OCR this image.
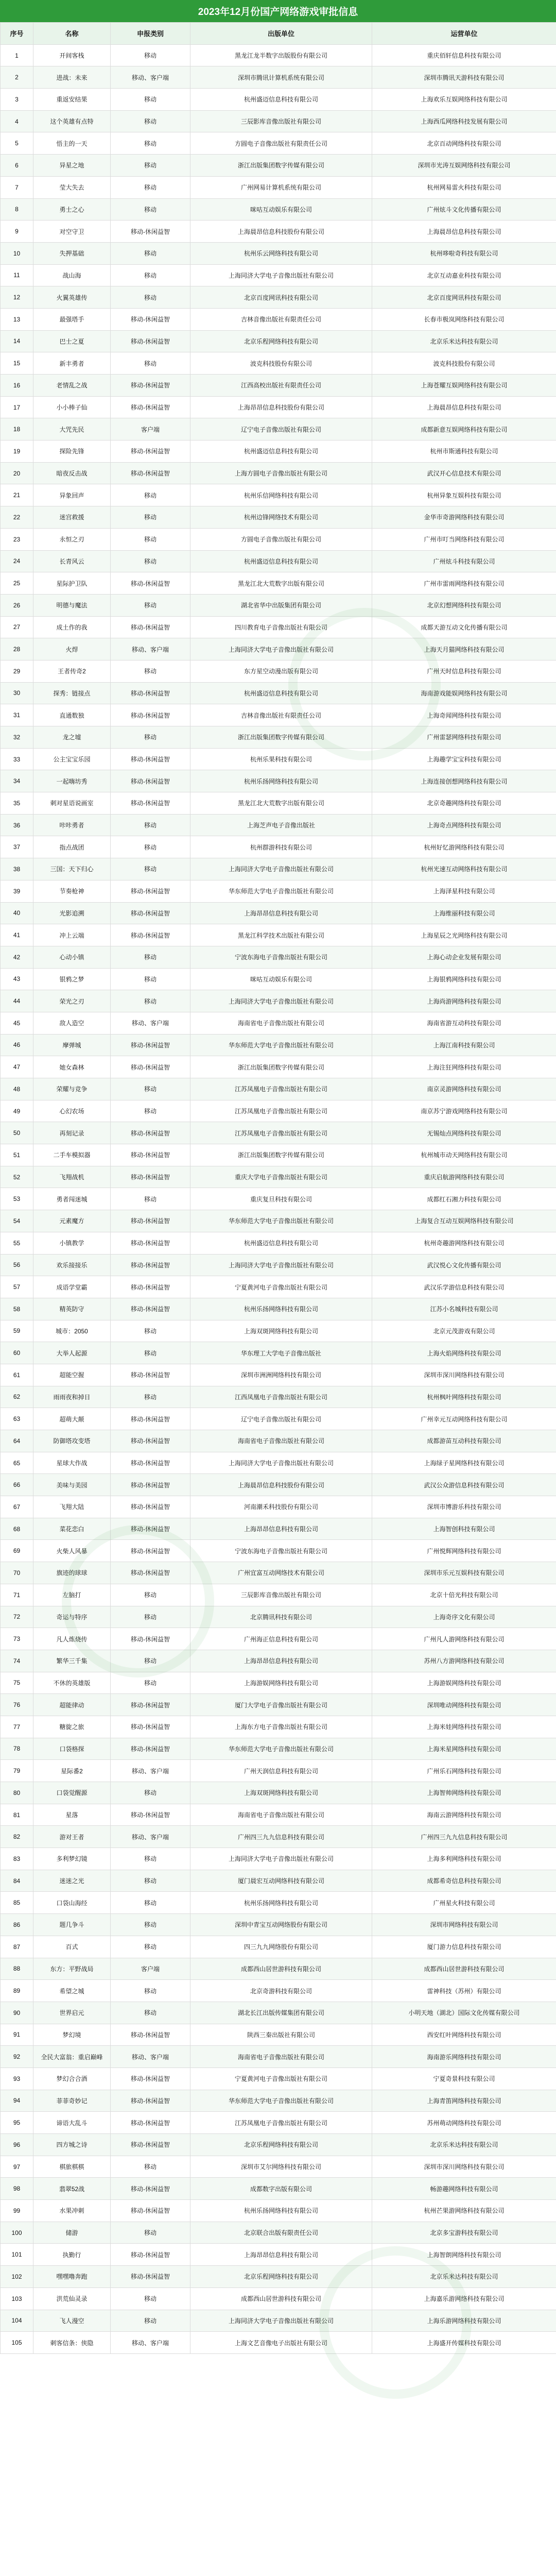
2023年12月份国产网络游戏审批信息
序号	名称	申报类别	出版单位	运营单位
1	开间客栈	移动	黑龙江龙半数字出版股份有限公司	重庆佰轩信息科技有限公司
2	进战：未来	移动、客户端	深圳市腾讯计算机系统有限公司	深圳市腾讯天游科技有限公司
3	重返安结果	移动	杭州盛迈信息科技有限公司	上海欢乐互娱网络科技有限公司
4	这个英雄有点特	移动	三辰影库音像出版社有限公司	上海西瓜网络科技发展有限公司
5	悟主的一天	移动	方圆电子音像出版社有限责任公司	北京百动网络科技有限公司
6	异星之地	移动	浙江出版集团数字传媒有限公司	深圳市光涛互娱网络科技有限公司
7	莹大失去	移动	广州网易计算机系统有限公司	杭州网易雷火科技有限公司
8	勇士之心	移动	咪咕互动娱乐有限公司	广州炫斗文化传播有限公司
9	对空守卫	移动-休闲益智	上海晨昂信息科技股份有限公司	上海晨昂信息科技有限公司
10	失押基础	移动	杭州乐云网络科技有限公司	杭州哆啦奇科技有限公司
11	战山海	移动	上海同济大学电子音像出版社有限公司	北京互动嘉业科技有限公司
12	火翼英雄传	移动	北京百度网讯科技有限公司	北京百度网讯科技有限公司
13	最强塔手	移动-休闲益智	吉林音像出版社有限责任公司	长春市极岚网络科技有限公司
14	巴士之夏	移动-休闲益智	北京乐程网络科技有限公司	北京乐米达科技有限公司
15	新丰勇者	移动	波克科技股份有限公司	波克科技股份有限公司
16	老情乱之战	移动-休闲益智	江西高校出版社有限责任公司	上海苍耀互娱网络科技有限公司
17	小小棒子仙	移动-休闲益智	上海昂昂信息科技股份有限公司	上海晨昂信息科技有限公司
18	大咒先民	客户端	辽宁电子音像出版社有限公司	成都新意互娱网络科技有限公司
19	探险先锋	移动-休闲益智	杭州盛迈信息科技有限公司	杭州市斯通科技有限公司
20	暗夜反击战	移动-休闲益智	上海方圆电子音像出版社有限公司	武汉开心信息技术有限公司
21	异象回声	移动	杭州乐信网络科技有限公司	杭州异象互娱科技有限公司
22	迷宫救援	移动	杭州边锋网络技术有限公司	金华市奇游网络科技有限公司
23	永恒之刃	移动	方圆电子音像出版社有限公司	广州市叮当网络科技有限公司
24	长青风云	移动	杭州盛迈信息科技有限公司	广州炫斗科技有限公司
25	星际护卫队	移动-休闲益智	黑龙江北大荒数字出版有限公司	广州市雷雨网络科技有限公司
26	明德与魔法	移动	湖北省华中出版集团有限公司	北京幻想网络科技有限公司
27	成土作的我	移动-休闲益智	四川教育电子音像出版社有限公司	成都天游互动文化传播有限公司
28	火焊	移动、客户端	上海同济大学电子音像出版社有限公司	上海天月猫网络科技有限公司
29	王者传奇2	移动	东方星空动漫出版有限公司	广州天时信息科技有限公司
30	探秀：链接点	移动-休闲益智	杭州盛迈信息科技有限公司	海南游戏能娱网络科技有限公司
31	直通数独	移动-休闲益智	吉林音像出版社有限责任公司	上海奇闻网络科技有限公司
32	龙之墟	移动	浙江出版集团数字传媒有限公司	广州雷瑟网络科技有限公司
33	公主宝宝乐园	移动-休闲益智	杭州乐果科技有限公司	上海趣学宝宝科技有限公司
34	一起嗨坊秀	移动-休闲益智	杭州乐扬网络科技有限公司	上海连接创想网络科技有限公司
35	刺对星语说画室	移动-休闲益智	黑龙江北大荒数字出版有限公司	北京奇趣网络科技有限公司
36	咔咔勇者	移动	上海芝声电子音像出版社	上海奇点网络科技有限公司
37	指点战团	移动	杭州群游科技有限公司	杭州好忆游网络科技有限公司
38	三国：天下归心	移动	上海同济大学电子音像出版社有限公司	杭州光速互动网络科技有限公司
39	节奏枪神	移动-休闲益智	华东师范大学电子音像出版社有限公司	上海泽星科技有限公司
40	光影追溯	移动-休闲益智	上海昂昂信息科技有限公司	上海维丽科技有限公司
41	冲上云端	移动-休闲益智	黑龙江科学技术出版社有限公司	上海星辰之光网络科技有限公司
42	心动小镇	移动	宁波东海电子音像出版社有限公司	上海心动企业发展有限公司
43	银鸦之梦	移动	咪咕互动娱乐有限公司	上海银鸦网络科技有限公司
44	荣光之刃	移动	上海同济大学电子音像出版社有限公司	上海尚游网络科技有限公司
45	敌人造空	移动、客户端	海南省电子音像出版社有限公司	海南省游互动科技有限公司
46	摩弹城	移动-休闲益智	华东师范大学电子音像出版社有限公司	上海江南科技有限公司
47	她女森林	移动-休闲益智	浙江出版集团数字传媒有限公司	上海注狂网络科技有限公司
48	荣耀与竞争	移动	江苏凤凰电子音像出版社有限公司	南京灵游网络科技有限公司
49	心幻农场	移动	江苏凤凰电子音像出版社有限公司	南京苏宁游戏网络科技有限公司
50	再刻记录	移动-休闲益智	江苏凤凰电子音像出版社有限公司	无锡灿点网络科技有限公司
51	二手车模拟器	移动-休闲益智	浙江出版集团数字传媒有限公司	杭州城市动天网络科技有限公司
52	飞翔战机	移动-休闲益智	重庆大学电子音像出版社有限公司	重庆启航游网络科技有限公司
53	勇者闯迷城	移动	重庆复旦科技有限公司	成都红石湘力科技有限公司
54	元素魔方	移动-休闲益智	华东师范大学电子音像出版社有限公司	上海复合互动互娱网络科技有限公司
55	小镇教学	移动-休闲益智	杭州盛迈信息科技有限公司	杭州奇趣游网络科技有限公司
56	欢乐接接乐	移动-休闲益智	上海同济大学电子音像出版社有限公司	武汉悦心文化传播有限公司
57	成语学堂霸	移动-休闲益智	宁夏黄河电子音像出版社有限公司	武汉乐学游信息科技有限公司
58	精英防守	移动-休闲益智	杭州乐扬网络科技有限公司	江苏小名城科技有限公司
59	城市：2050	移动	上海双斑网络科技有限公司	北京元茂游戏有限公司
60	大举人起源	移动	华东理工大学电子音像出版社	上海火焰网络科技有限公司
61	超能空握	移动-休闲益智	深圳市洲洲网络科技有限公司	深圳市深川网络科技有限公司
62	雨雨夜和掉日	移动	江西凤凰电子音像出版社有限公司	杭州枫叶网络科技有限公司
63	超萌大颠	移动-休闲益智	辽宁电子音像出版社有限公司	广州幸元互动网络科技有限公司
64	防御塔攻变塔	移动-休闲益智	海南省电子音像出版社有限公司	成都游苗互动科技有限公司
65	星球大作战	移动-休闲益智	上海同济大学电子音像出版社有限公司	上海绿子星网络科技有限公司
66	美味与美园	移动-休闲益智	上海晨昂信息科技股份有限公司	武汉公众游信息科技有限公司
67	飞翔大陆	移动-休闲益智	河南潮禾科技股份有限公司	深圳市博游乐科技有限公司
68	菜花恋白	移动-休闲益智	上海昂昂信息科技有限公司	上海智创科技有限公司
69	火柴人风暴	移动-休闲益智	宁波东海电子音像出版社有限公司	广州悦辉网络科技有限公司
70	旗迹的球球	移动-休闲益智	广州宜富互动网络技术有限公司	深圳市乐元互娱科技有限公司
71	左脑打	移动	三辰影库音像出版社有限公司	北京十倍光科技有限公司
72	奇运与特序	移动	北京腾讯科技有限公司	上海奇序文化有限公司
73	凡人炼烧传	移动-休闲益智	广州海正信息科技有限公司	广州凡人游网络科技有限公司
74	繁华三千集	移动	上海昂昂信息科技有限公司	苏州八方游网络科技有限公司
75	不休的英雄版	移动	上海游娱网络科技有限公司	上海游娱网络科技有限公司
76	超能律动	移动-休闲益智	厦门大学电子音像出版社有限公司	深圳唯动网络科技有限公司
77	糖旋之旅	移动-休闲益智	上海东方电子音像出版社有限公司	上海米娃网络科技有限公司
78	口袋格探	移动-休闲益智	华东师范大学电子音像出版社有限公司	上海米星网络科技有限公司
79	星际番2	移动、客户端	广州天润信息科技有限公司	广州乐石网络科技有限公司
80	口袋觉醒源	移动	上海双斑网络科技有限公司	上海智帅网络科技有限公司
81	星落	移动-休闲益智	海南省电子音像出版社有限公司	海南云游网络科技有限公司
82	游对王者	移动、客户端	广州四三九九信息科技有限公司	广州四三九九信息科技有限公司
83	多利梦幻镜	移动	上海同济大学电子音像出版社有限公司	上海多利网络科技有限公司
84	迷迷之光	移动	厦门晨宏互动网络科技有限公司	成都希奇信息科技有限公司
85	口袋山海经	移动	杭州乐扬网络科技有限公司	广州星火科技有限公司
86	题几争斗	移动	深圳中青宝互动网络股份有限公司	深圳市网络科技有限公司
87	百式	移动	四三九九网络股份有限公司	厦门游力信息科技有限公司
88	东方：平野战局	客户端	成都西山居世游科技有限公司	成都西山居世游科技有限公司
89	希望之城	移动	北京奇游科技有限公司	雷神科技（苏州）有限公司
90	世界启元	移动	湖北长江出版传媒集团有限公司	小明天地（湖北）国际文化传媒有限公司
91	梦幻境	移动-休闲益智	陕西三秦出版社有限公司	西安红叶网络科技有限公司
92	全民大富翁：重启巅峰	移动、客户端	海南省电子音像出版社有限公司	海南游乐网络科技有限公司
93	梦幻合合酒	移动-休闲益智	宁夏黄河电子音像出版社有限公司	宁夏奇景科技有限公司
94	菲菲奇妙记	移动-休闲益智	华东师范大学电子音像出版社有限公司	上海青笛网络科技有限公司
95	谛语大乱斗	移动-休闲益智	江苏凤凰电子音像出版社有限公司	苏州萌动网络科技有限公司
96	四方城之诗	移动-休闲益智	北京乐程网络科技有限公司	北京乐米达科技有限公司
97	棋旅棋棋	移动	深圳市艾尔网络科技有限公司	深圳市深川网络科技有限公司
98	翡翠52战	移动-休闲益智	成都数字出版有限公司	畅游趣网络科技有限公司
99	水果冲刺	移动-休闲益智	杭州乐扬网络科技有限公司	杭州芒果游网络科技有限公司
100	储游	移动	北京联合出版有限责任公司	北京多宝游科技有限公司
101	执勤行	移动-休闲益智	上海昂昂信息科技有限公司	上海智朗网络科技有限公司
102	嘿嘿噜奔跑	移动-休闲益智	北京乐程网络科技有限公司	北京乐米达科技有限公司
103	洪荒仙灵录	移动	成都西山居世游科技有限公司	上海嘉乐游网络科技有限公司
104	飞人漫空	移动	上海同济大学电子音像出版社有限公司	上海乐游网络科技有限公司
105	刺客信条：侠隐	移动、客户端	上海文艺音像电子出版社有限公司	上海盛开传媒科技有限公司
